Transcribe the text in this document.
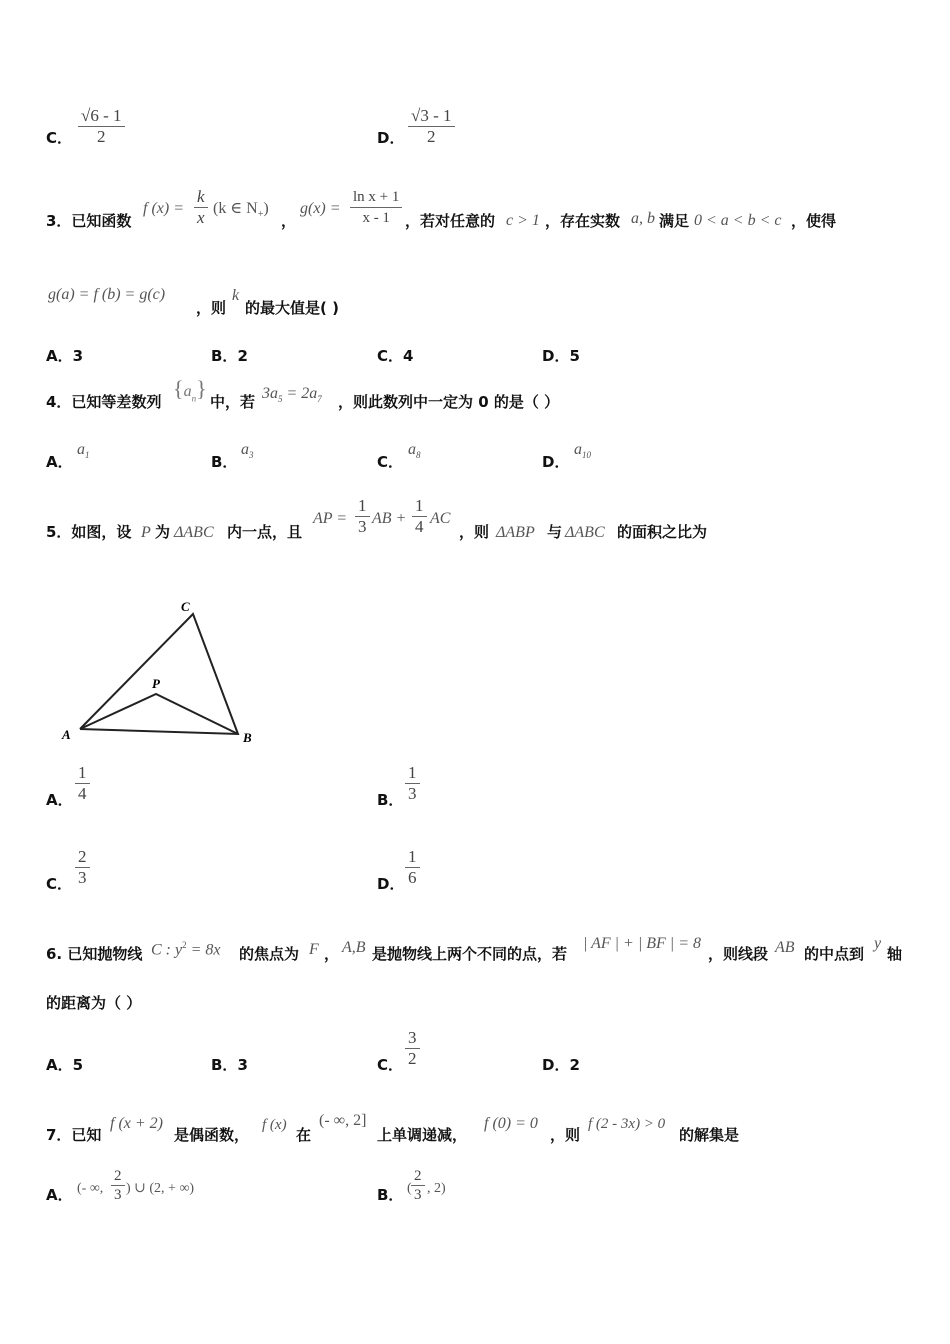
C．
√6 - 1
2	D．
√3 - 1
2
3．已知函数
f (x) =
k
x (k ∈ $N_+$)
，
g(x) =
ln x + 1
x - 1 ，若对任意的 c > 1 ，存在实数 a, b 满足 0 < a < b < c ，使得
g(a) = f (b) = g(c)
，则
k
的最大值是( )
A．3	B．2	C．4	D．5
4．已知等差数列
$\{a_n\}$
中，若 $3a_5 = 2a_7$ ，则此数列中一定为 0 的是（ ）
A．
$a_1$	B．
$a_3$	C．
$a_8$	D．
$a_{10}$
5．如图，设 P 为 ΔABC 内一点，且
AP =
1
3 AB +
1
4 AC
，则 ΔABP 与 ΔABC 的面积之比为
C
P
A	B
A．
1
4	B．
1
3
C．
2
3	D．
1
6
6. 已知抛物线 C : $y^2 = 8x$ 的焦点为 F ， A,B 是抛物线上两个不同的点，若
| AF | + | BF | = 8
，则线段 AB 的中点到
y
轴
的距离为（ ）
A．5	B．3	C．
3
2	D．2
7．已知
f (x + 2)
是偶函数，
f (x)
在
(- ∞, 2]
上单调递减，
f (0) = 0
，则
f (2 - 3x) > 0
的解集是
A． (- ∞,
2
3 ) ∪ (2, + ∞)	B． (
2
3 , 2)
